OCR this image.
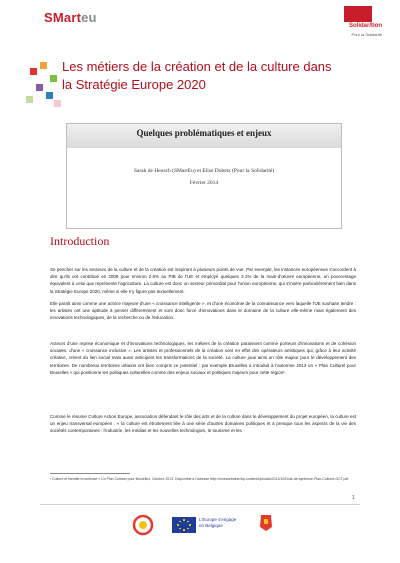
SMarteu
Solidar/tion
Pour la Solidarité
Les métiers de la création et de la culture dans
la Stratégie Europe 2020
Quelques problématiques et enjeux
Sarah de Heusch (SMartEu) et Elise Dubetz (Pour la Solidarité)
Février 2014
Introduction
Se pencher sur les secteurs de la culture et de la création est inspirant à plusieurs points de vue. Par exemple, les instances européennes s'accordent à dire qu'ils ont contribué en 2008 pour environ 2.6% au PIB de l'UE et employé quelques 3.1% de la main-d'œuvre européenne, un pourcentage équivalent à celui que représente l'agriculture. La culture est donc un secteur primordial pour l'union européenne, qui s'insère particulièrement bien dans la Stratégie Europe 2020, même si elle n'y figure pas textuellement.
Elle paraît ainsi comme une actrice majeure d'une « croissance intelligente », et d'une économie de la connaissance vers laquelle l'UE souhaite tendre : les artistes ont une aptitude à penser différemment et sont donc force d'innovations dans le domaine de la culture elle-même mais également des innovations technologiques, de la recherche ou de l'éducation.
Acteurs d'une reprise économique et d'innovations technologiques, les métiers de la création paraissent comme porteurs d'innovations et de cohésion sociales, d'une « croissance inclusive ». Les artistes et professionnels de la création sont en effet des opérateurs artistiques qui, grâce à leur activité créative, créent du lien social mais aussi anticipent les transformations de la société. La culture joue ainsi un rôle majeur pour le développement des territoires. De nombreux territoires urbains ont bien compris ce potentiel : par exemple Bruxelles a introduit à l'automne 2013 un « Plan Culturel pour Bruxelles » qui positionne les politiques culturelles comme des enjeux sociaux et politiques majeurs pour cette région¹.
Comme le résume Culture Action Europe, association défendant le rôle des arts et de la culture dans le développement du projet européen, la culture est un enjeu transversal européen : « la culture est étroitement liée à une série d'autres domaines politiques et à presque tous les aspects de la vie des sociétés contemporaines : l'industrie, les médias et les nouvelles technologies, le tourisme et les
¹ Culture et identité bruxelloise « Un Plan Culturel pour Bruxelles, Octobre 2013. Disponible à l'adresse http://reseaurbaine/wp-content/uploads/2013/10/Note-de-synthese-Plan-Culturel-OCT.pdf
1
L'Europe s'engage
en Belgique
